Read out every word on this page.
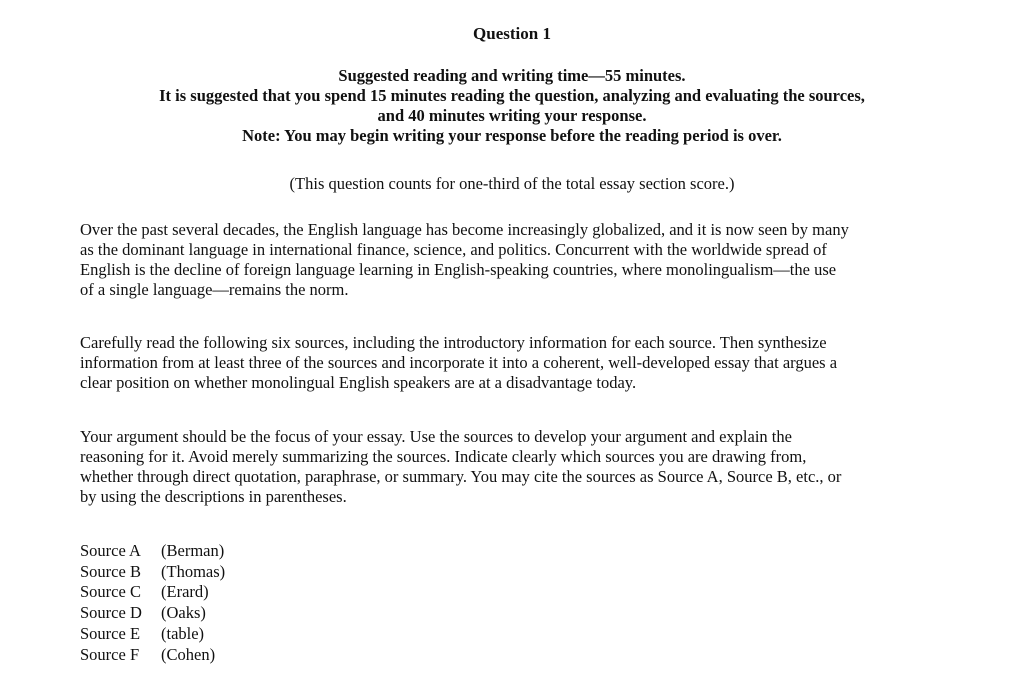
Question 1
Suggested reading and writing time—55 minutes.
It is suggested that you spend 15 minutes reading the question, analyzing and evaluating the sources,
and 40 minutes writing your response.
Note: You may begin writing your response before the reading period is over.
(This question counts for one-third of the total essay section score.)
Over the past several decades, the English language has become increasingly globalized, and it is now seen by many
as the dominant language in international finance, science, and politics. Concurrent with the worldwide spread of
English is the decline of foreign language learning in English-speaking countries, where monolingualism—the use
of a single language—remains the norm.
Carefully read the following six sources, including the introductory information for each source. Then synthesize
information from at least three of the sources and incorporate it into a coherent, well-developed essay that argues a
clear position on whether monolingual English speakers are at a disadvantage today.
Your argument should be the focus of your essay. Use the sources to develop your argument and explain the
reasoning for it. Avoid merely summarizing the sources. Indicate clearly which sources you are drawing from,
whether through direct quotation, paraphrase, or summary. You may cite the sources as Source A, Source B, etc., or
by using the descriptions in parentheses.
Source A (Berman)
Source B (Thomas)
Source C (Erard)
Source D (Oaks)
Source E (table)
Source F (Cohen)
